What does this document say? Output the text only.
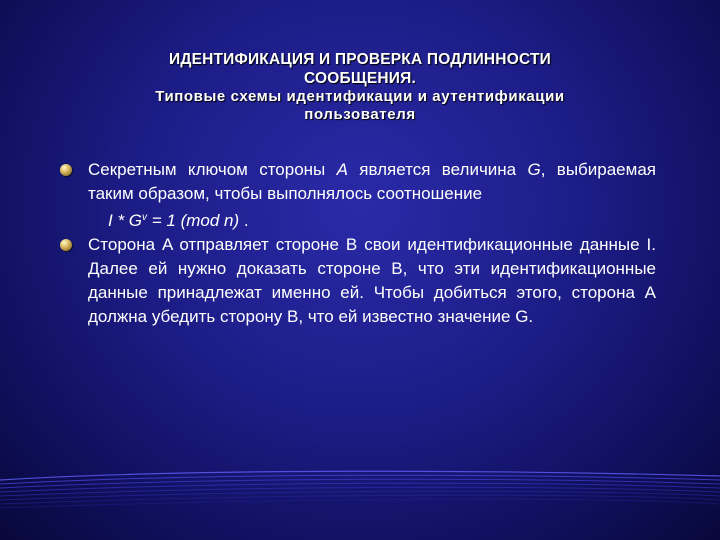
ИДЕНТИФИКАЦИЯ И ПРОВЕРКА ПОДЛИННОСТИ
СООБЩЕНИЯ.
Типовые схемы идентификации и аутентификации
пользователя
Секретным ключом стороны A является величина G, выбираемая таким образом, чтобы выполнялось соотношение
$I * G^v = 1$ (mod n) .
Сторона A отправляет стороне B свои идентификационные данные I. Далее ей нужно доказать стороне B, что эти идентификационные данные принадлежат именно ей. Чтобы добиться этого, сторона A должна убедить сторону B, что ей известно значение G.
